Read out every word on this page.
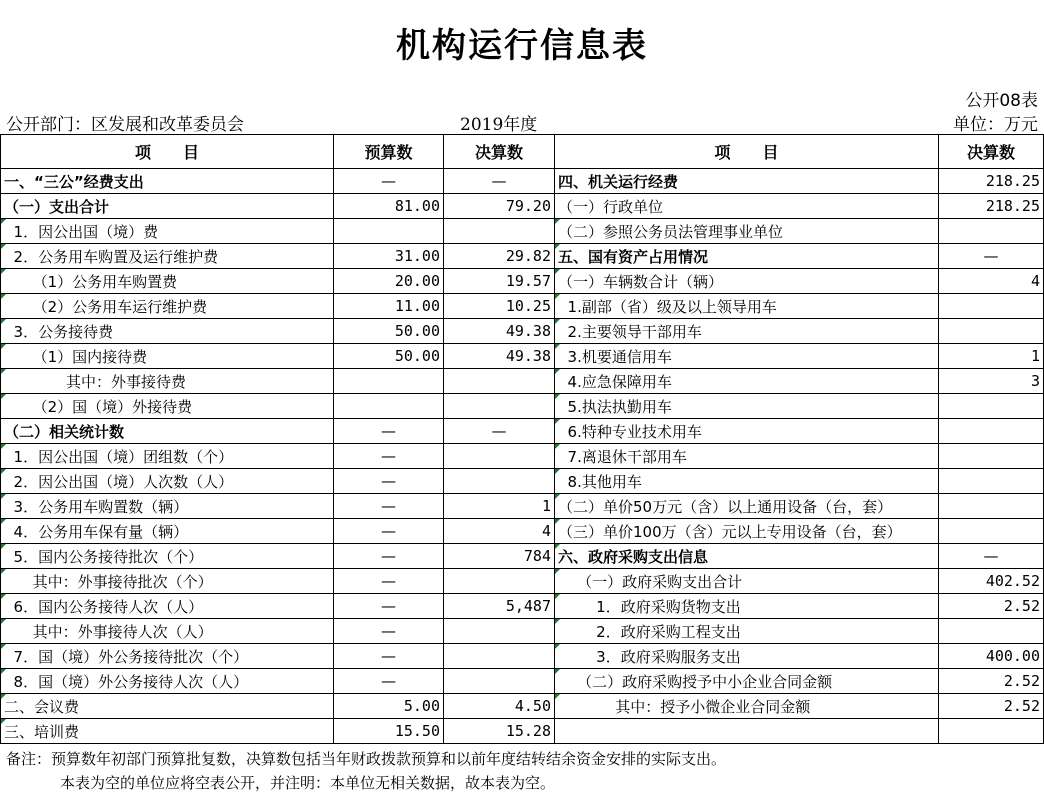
机构运行信息表
公开08表
公开部门：区发展和改革委员会	2019年度	单位：万元
项　　目	预算数	决算数	项　　目	决算数
一、“三公”经费支出	—	—	四、机关运行经费	218.25
（一）支出合计	81.00	79.20	（一）行政单位	218.25
1．因公出国（境）费			（二）参照公务员法管理事业单位	
2．公务用车购置及运行维护费	31.00	29.82	五、国有资产占用情况	—
（1）公务用车购置费	20.00	19.57	（一）车辆数合计（辆）	4
（2）公务用车运行维护费	11.00	10.25	1.副部（省）级及以上领导用车	
3．公务接待费	50.00	49.38	2.主要领导干部用车	
（1）国内接待费	50.00	49.38	3.机要通信用车	1
其中：外事接待费			4.应急保障用车	3
（2）国（境）外接待费			5.执法执勤用车	
（二）相关统计数	—	—	6.特种专业技术用车	
1．因公出国（境）团组数（个）	—		7.离退休干部用车	
2．因公出国（境）人次数（人）	—		8.其他用车	
3．公务用车购置数（辆）	—	1	（二）单价50万元（含）以上通用设备（台，套）	
4．公务用车保有量（辆）	—	4	（三）单价100万（含）元以上专用设备（台，套）	
5．国内公务接待批次（个）	—	784	六、政府采购支出信息	—
其中：外事接待批次（个）	—		（一）政府采购支出合计	402.52
6．国内公务接待人次（人）	—	5,487	1．政府采购货物支出	2.52
其中：外事接待人次（人）	—		2．政府采购工程支出	
7．国（境）外公务接待批次（个）	—		3．政府采购服务支出	400.00
8．国（境）外公务接待人次（人）	—		（二）政府采购授予中小企业合同金额	2.52
二、会议费	5.00	4.50	其中：授予小微企业合同金额	2.52
三、培训费	15.50	15.28		
备注：预算数年初部门预算批复数，决算数包括当年财政拨款预算和以前年度结转结余资金安排的实际支出。
本表为空的单位应将空表公开，并注明：本单位无相关数据，故本表为空。
